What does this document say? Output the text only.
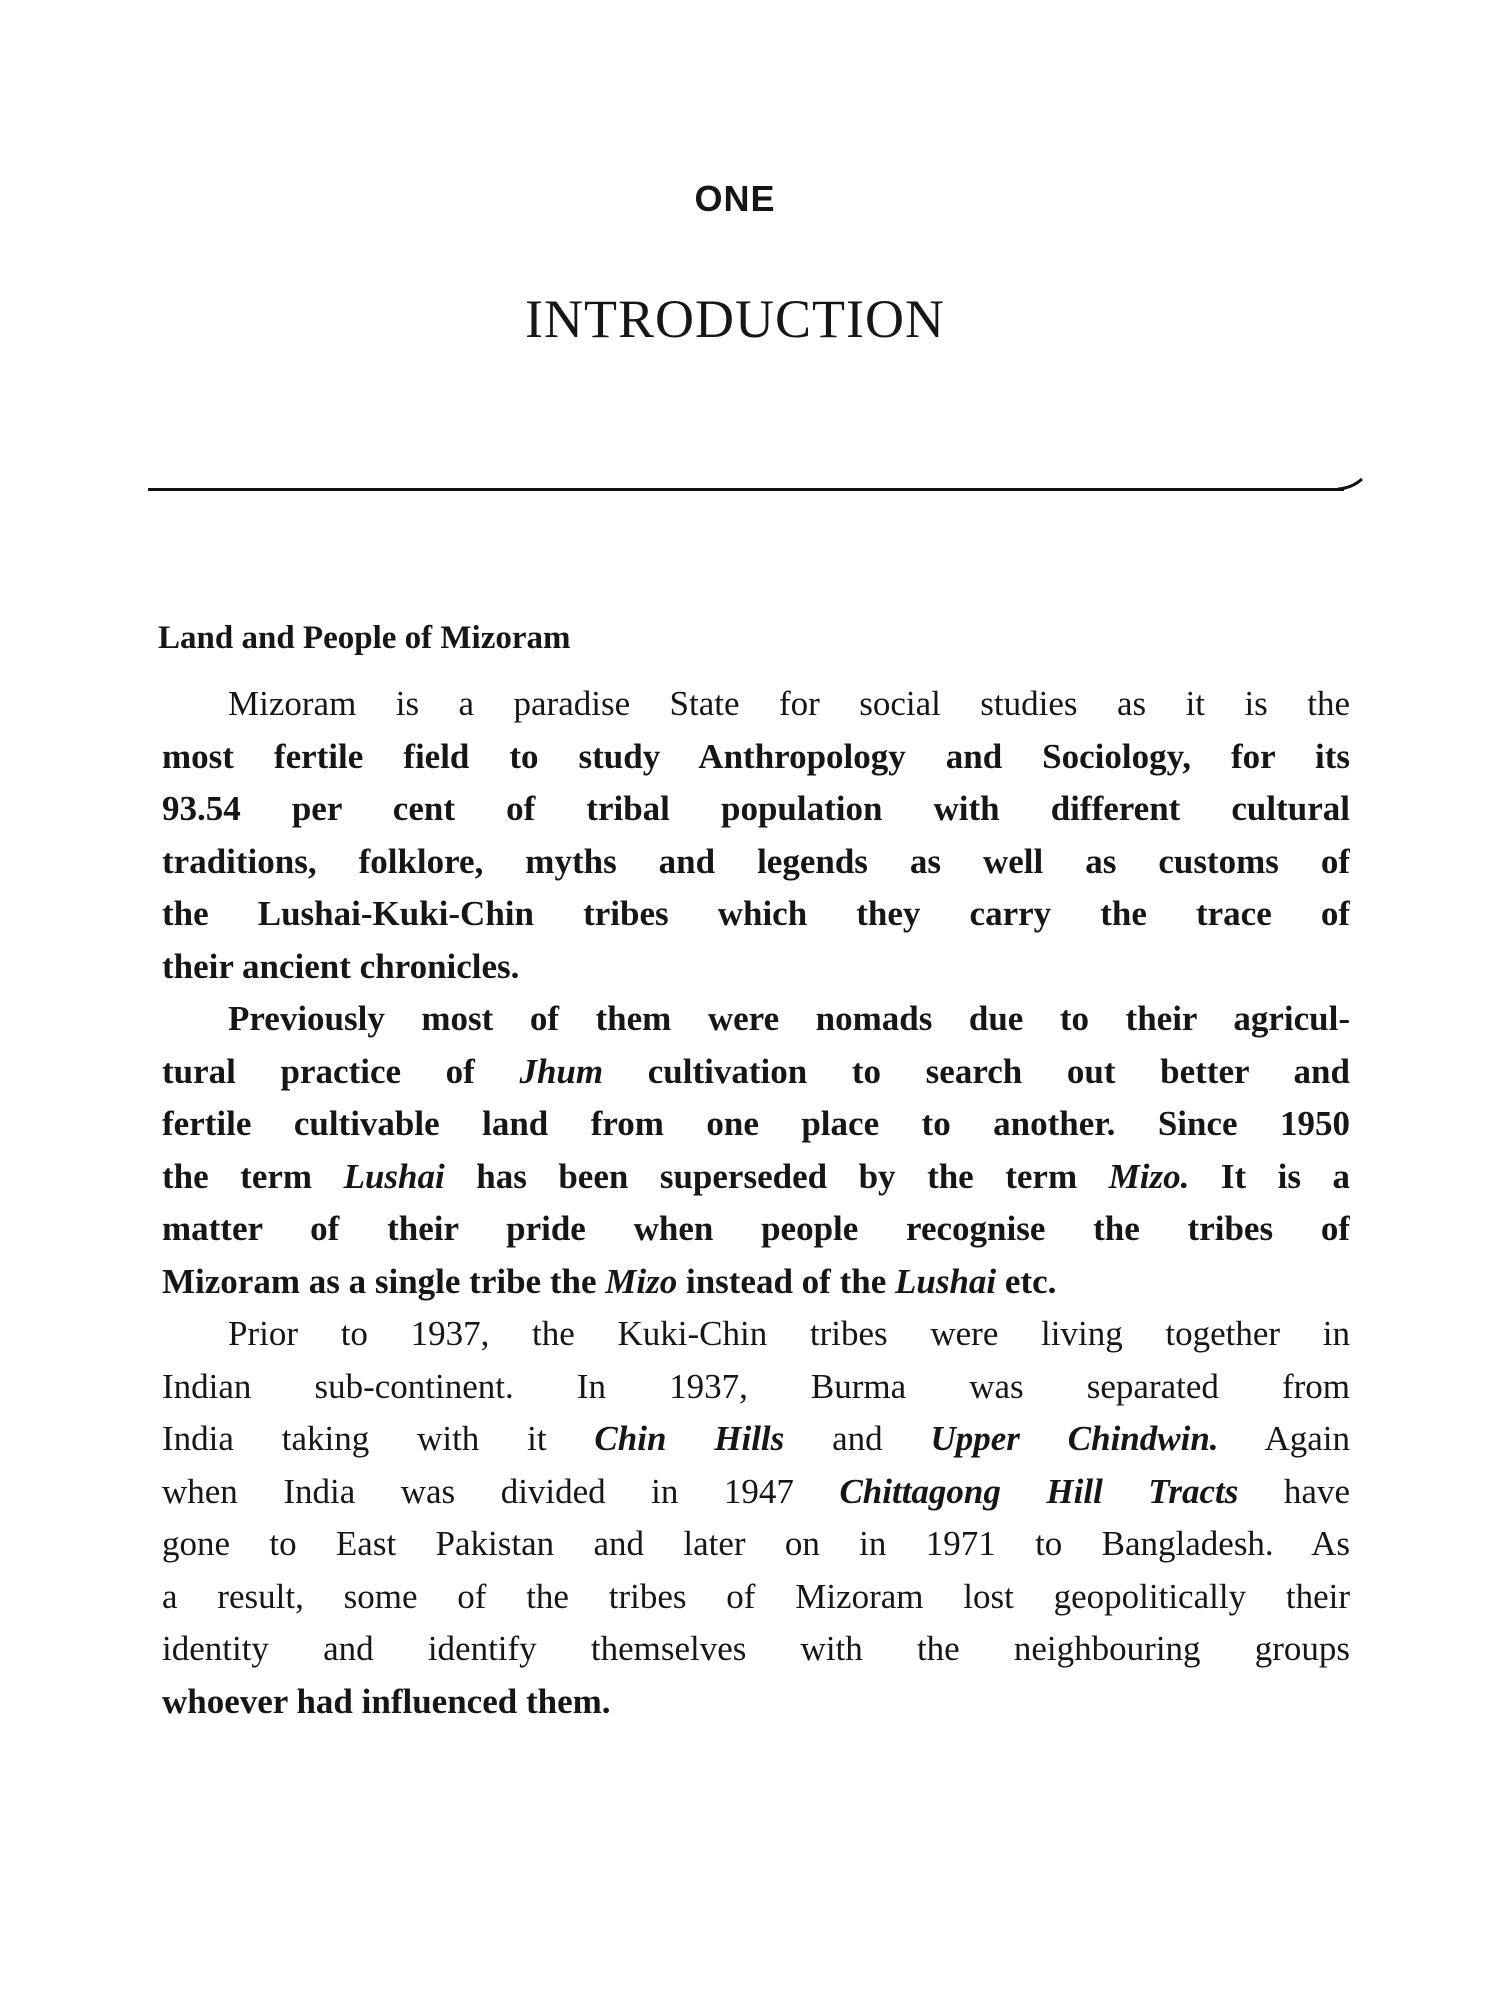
ONE
INTRODUCTION
Land and People of Mizoram
Mizoram is a paradise State for social studies as it is the
most fertile field to study Anthropology and Sociology, for its
93.54 per cent of tribal population with different cultural
traditions, folklore, myths and legends as well as customs of
the Lushai-Kuki-Chin tribes which they carry the trace of
their ancient chronicles.
Previously most of them were nomads due to their agricul-
tural practice of Jhum cultivation to search out better and
fertile cultivable land from one place to another. Since 1950
the term Lushai has been superseded by the term Mizo. It is a
matter of their pride when people recognise the tribes of
Mizoram as a single tribe the Mizo instead of the Lushai etc.
Prior to 1937, the Kuki-Chin tribes were living together in
Indian sub-continent. In 1937, Burma was separated from
India taking with it Chin Hills and Upper Chindwin. Again
when India was divided in 1947 Chittagong Hill Tracts have
gone to East Pakistan and later on in 1971 to Bangladesh. As
a result, some of the tribes of Mizoram lost geopolitically their
identity and identify themselves with the neighbouring groups
whoever had influenced them.
